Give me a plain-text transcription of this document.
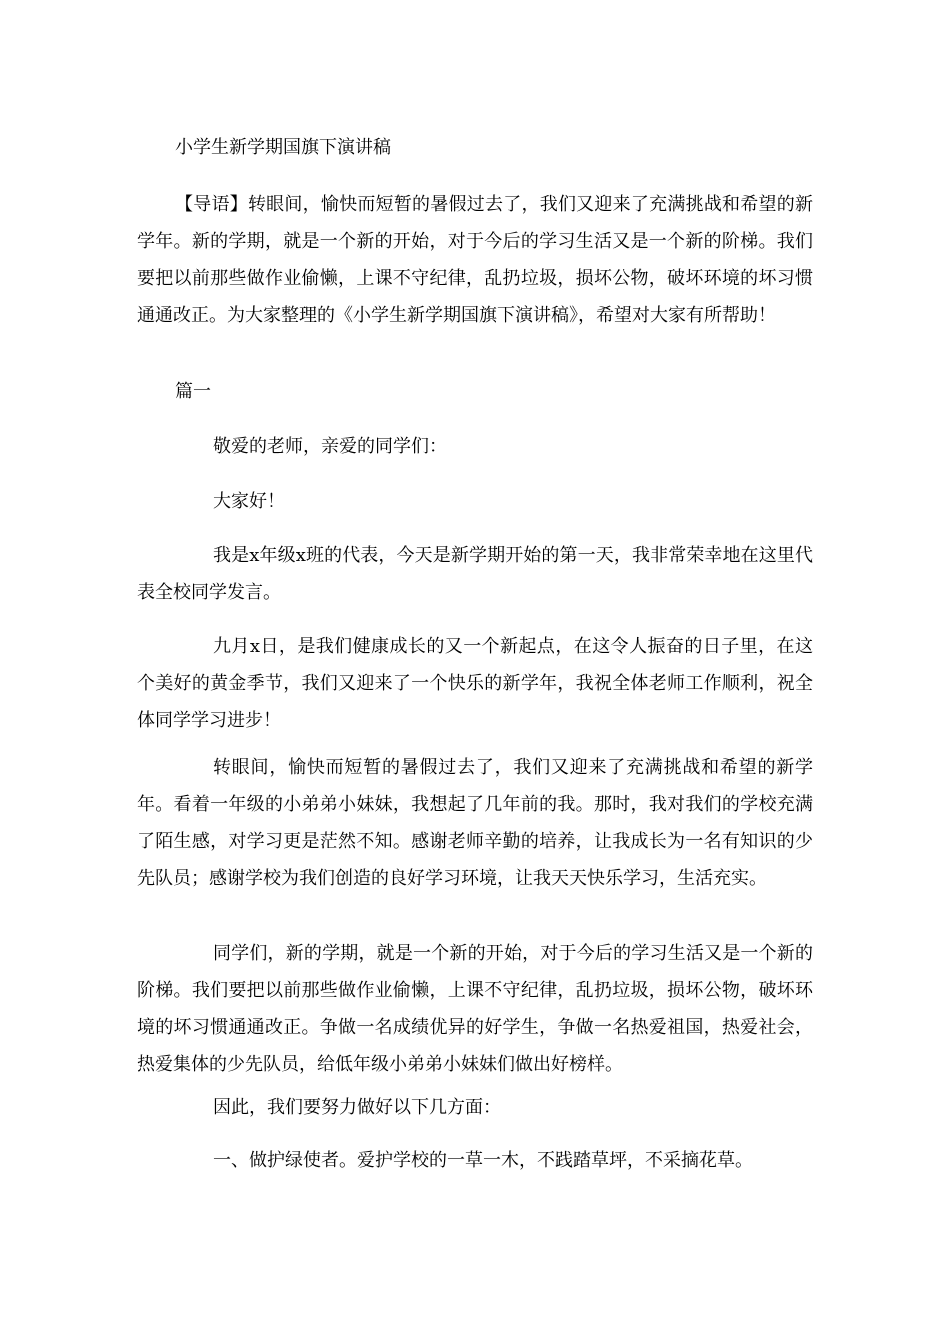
小学生新学期国旗下演讲稿

【导语】转眼间，愉快而短暂的暑假过去了，我们又迎来了充满挑战和希望的新学年。新的学期，就是一个新的开始，对于今后的学习生活又是一个新的阶梯。我们要把以前那些做作业偷懒，上课不守纪律，乱扔垃圾，损坏公物，破坏环境的坏习惯通通改正。为大家整理的《小学生新学期国旗下演讲稿》，希望对大家有所帮助！

篇一

敬爱的老师，亲爱的同学们：

大家好！

我是x年级x班的代表，今天是新学期开始的第一天，我非常荣幸地在这里代表全校同学发言。

九月x日，是我们健康成长的又一个新起点，在这令人振奋的日子里，在这个美好的黄金季节，我们又迎来了一个快乐的新学年，我祝全体老师工作顺利，祝全体同学学习进步！

转眼间，愉快而短暂的暑假过去了，我们又迎来了充满挑战和希望的新学年。看着一年级的小弟弟小妹妹，我想起了几年前的我。那时，我对我们的学校充满了陌生感，对学习更是茫然不知。感谢老师辛勤的培养，让我成长为一名有知识的少先队员；感谢学校为我们创造的良好学习环境，让我天天快乐学习，生活充实。

同学们，新的学期，就是一个新的开始，对于今后的学习生活又是一个新的阶梯。我们要把以前那些做作业偷懒，上课不守纪律，乱扔垃圾，损坏公物，破坏环境的坏习惯通通改正。争做一名成绩优异的好学生，争做一名热爱祖国，热爱社会，热爱集体的少先队员，给低年级小弟弟小妹妹们做出好榜样。

因此，我们要努力做好以下几方面：

一、做护绿使者。爱护学校的一草一木，不践踏草坪，不采摘花草。
